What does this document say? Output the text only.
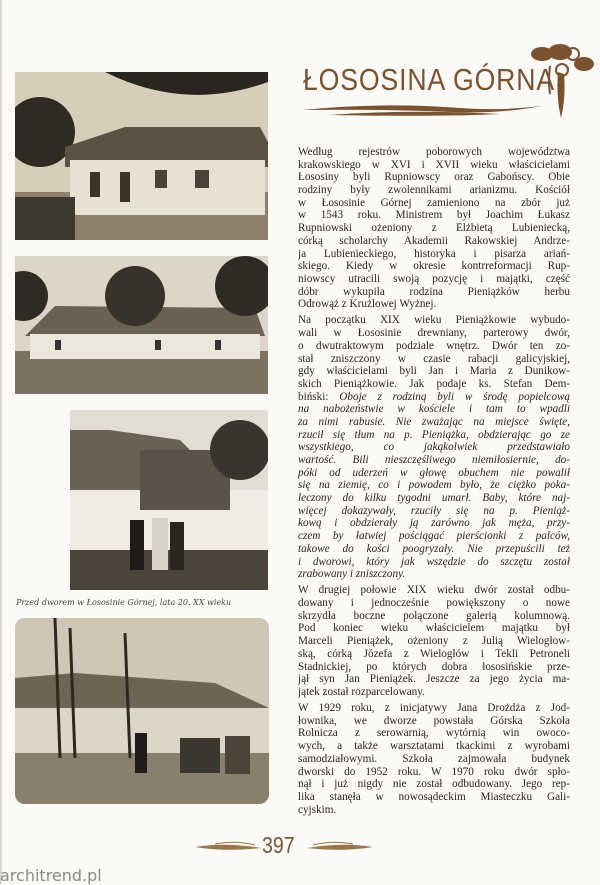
ŁOSOSINA GÓRNA
Przed dworem w Łososinie Górnej, lata 20. XX wieku
Według rejestrów poborowych województwa
krakowskiego w XVI i XVII wieku właścicielami
Łososiny byli Rupniowscy oraz Gabońscy. Obie
rodziny były zwolennikami arianizmu. Kościół
w Łososinie Górnej zamieniono na zbór już
w 1543 roku. Ministrem był Joachim Łukasz
Rupniowski ożeniony z Elżbietą Lubieniecką,
córką scholarchy Akademii Rakowskiej Andrze-
ja Lubienieckiego, historyka i pisarza ariań-
skiego. Kiedy w okresie kontrreformacji Rup-
niowscy utracili swoją pozycję i majątki, część
dóbr wykupiła rodzina Pieniążków herbu
Odrowąż z Krużlowej Wyżnej.
Na początku XIX wieku Pieniążkowie wybudo-
wali w Łososinie drewniany, parterowy dwór,
o dwutraktowym podziale wnętrz. Dwór ten zo-
stał zniszczony w czasie rabacji galicyjskiej,
gdy właścicielami byli Jan i Maria z Dunikow-
skich Pieniążkowie. Jak podaje ks. Stefan Dem-
biński: Oboje z rodziną byli w środę popielcową
na nabożeństwie w kościele i tam to wpadli
za nimi rabusie. Nie zważając na miejsce święte,
rzucił się tłum na p. Pieniążka, obdzierając go ze
wszystkiego, co jakąkolwiek przedstawiało
wartość. Bili nieszczęśliwego niemiłosiernie, do-
póki od uderzeń w głowę obuchem nie powalił
się na ziemię, co i powodem było, że ciężko poka-
leczony do kilku tygodni umarł. Baby, które naj-
więcej dokazywały, rzuciły się na p. Pieniąż-
kową i obdzierały ją zarówno jak męża, przy-
czem by łatwiej pościągać pierścionki z palców,
takowe do kości poogryzały. Nie przepuścili też
i dworowi, który jak wszędzie do szczętu został
zrabowany i zniszczony.
W drugiej połowie XIX wieku dwór został odbu-
dowany i jednocześnie powiększony o nowe
skrzydła boczne połączone galerią kolumnową.
Pod koniec wieku właścicielem majątku był
Marceli Pieniążek, ożeniony z Julią Wielogłow-
ską, córką Józefa z Wielogłów i Tekli Petroneli
Stadnickiej, po których dobra łososińskie prze-
jął syn Jan Pieniążek. Jeszcze za jego życia ma-
jątek został rozparcelowany.
W 1929 roku, z inicjatywy Jana Drożdża z Jod-
łownika, we dworze powstała Górska Szkoła
Rolnicza z serowarnią, wytórnią win owoco-
wych, a także warsztatami tkackimi z wyrobami
samodziałowymi. Szkoła zajmowała budynek
dworski do 1952 roku. W 1970 roku dwór spło-
nął i już nigdy nie został odbudowany. Jego rep-
lika stanęła w nowosądeckim Miasteczku Gali-
cyjskim.
397
architrend.pl
